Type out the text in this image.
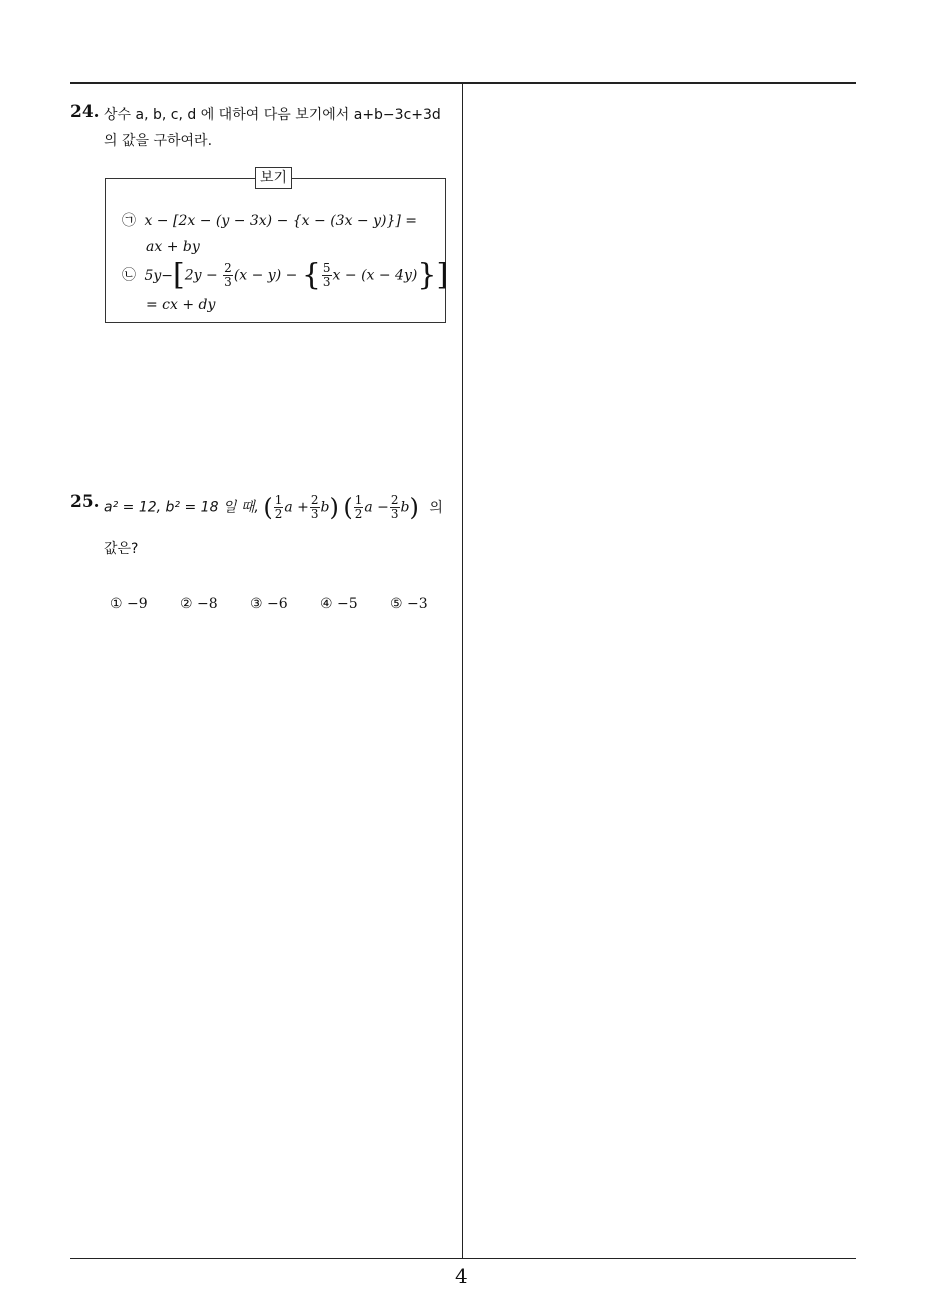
24. 상수 a, b, c, d 에 대하여 다음 보기에서 a+b−3c+3d
의 값을 구하여라.
보기
㉠ x − [2x − (y − 3x) − {x − (3x − y)}] =
ax + by
㉡ $5y-[2y - \frac{2}{3} (x - y)$ − { $\frac{5}{3}$ x − (x − 4y)}]
= cx + dy
25. a² = 12, b² = 18 일 때, ( $\frac{1}{2}$ $a + \frac{2}{3} b$) ( $\frac{1}{2}$ $a - \frac{2}{3} b$) 의
값은?
① −9 ② −8 ③ −6 ④ −5 ⑤ −3
4
